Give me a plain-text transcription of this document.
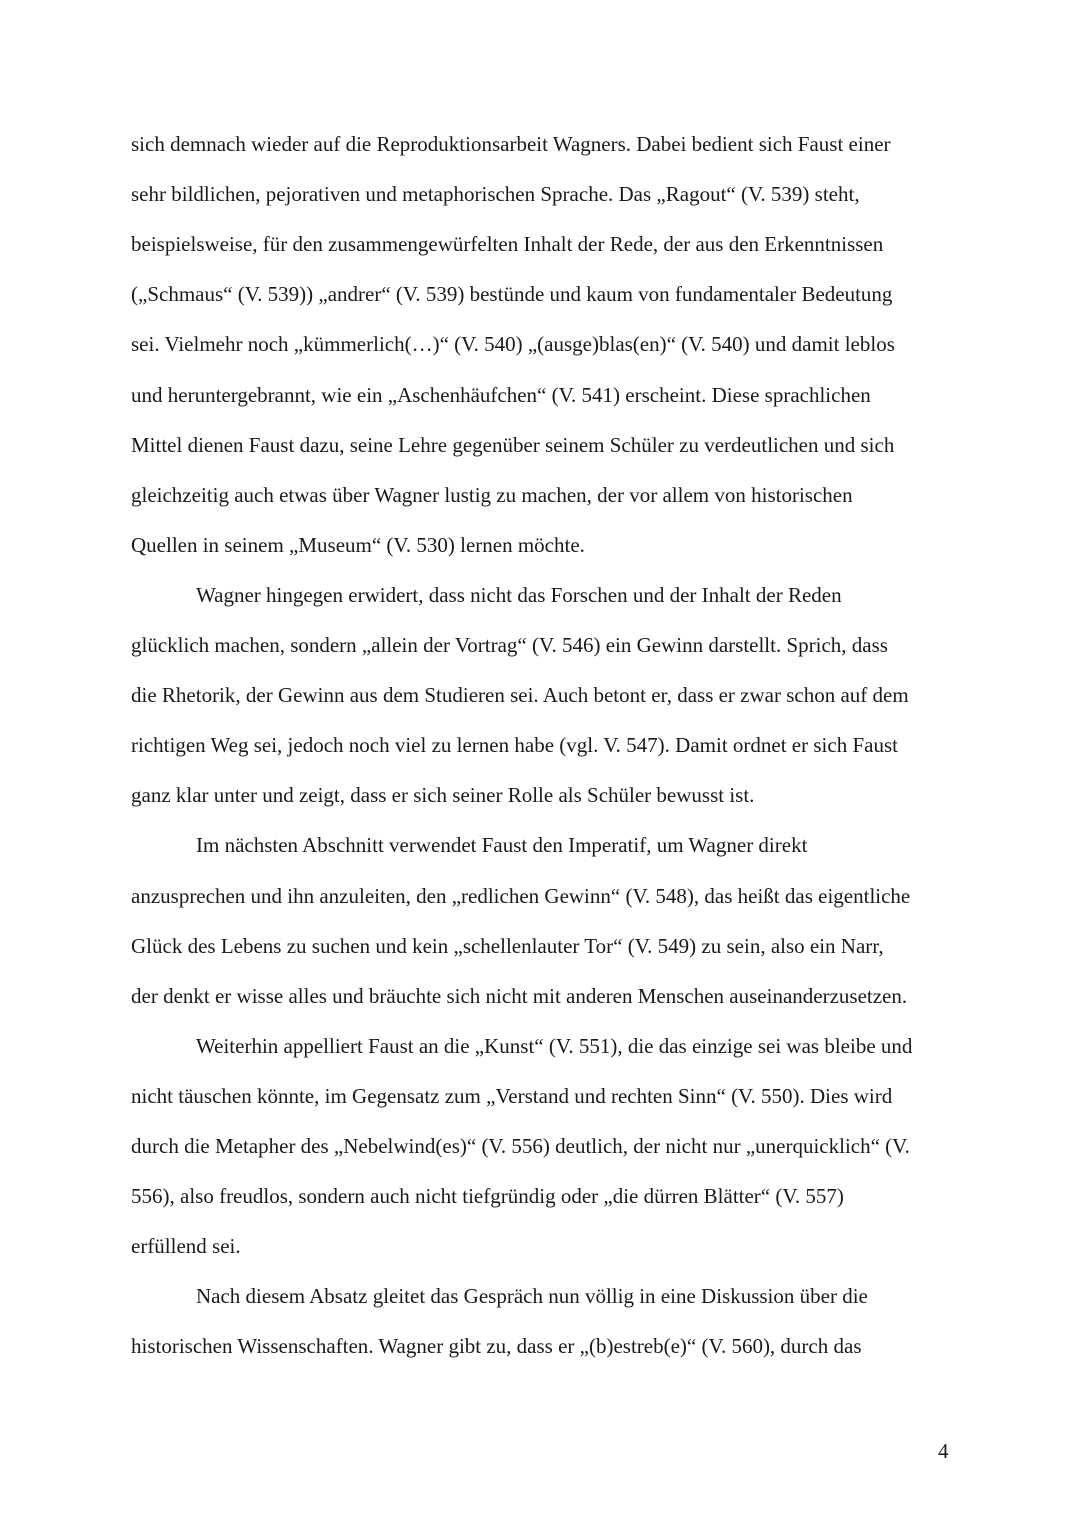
sich demnach wieder auf die Reproduktionsarbeit Wagners. Dabei bedient sich Faust einer
sehr bildlichen, pejorativen und metaphorischen Sprache. Das „Ragout“ (V. 539) steht,
beispielsweise, für den zusammengewürfelten Inhalt der Rede, der aus den Erkenntnissen
(„Schmaus“ (V. 539)) „andrer“ (V. 539) bestünde und kaum von fundamentaler Bedeutung
sei. Vielmehr noch „kümmerlich(…)“ (V. 540) „(ausge)blas(en)“ (V. 540) und damit leblos
und heruntergebrannt, wie ein „Aschenhäufchen“ (V. 541) erscheint. Diese sprachlichen
Mittel dienen Faust dazu, seine Lehre gegenüber seinem Schüler zu verdeutlichen und sich
gleichzeitig auch etwas über Wagner lustig zu machen, der vor allem von historischen
Quellen in seinem „Museum“ (V. 530) lernen möchte.
Wagner hingegen erwidert, dass nicht das Forschen und der Inhalt der Reden
glücklich machen, sondern „allein der Vortrag“ (V. 546) ein Gewinn darstellt. Sprich, dass
die Rhetorik, der Gewinn aus dem Studieren sei. Auch betont er, dass er zwar schon auf dem
richtigen Weg sei, jedoch noch viel zu lernen habe (vgl. V. 547). Damit ordnet er sich Faust
ganz klar unter und zeigt, dass er sich seiner Rolle als Schüler bewusst ist.
Im nächsten Abschnitt verwendet Faust den Imperatif, um Wagner direkt
anzusprechen und ihn anzuleiten, den „redlichen Gewinn“ (V. 548), das heißt das eigentliche
Glück des Lebens zu suchen und kein „schellenlauter Tor“ (V. 549) zu sein, also ein Narr,
der denkt er wisse alles und bräuchte sich nicht mit anderen Menschen auseinanderzusetzen.
Weiterhin appelliert Faust an die „Kunst“ (V. 551), die das einzige sei was bleibe und
nicht täuschen könnte, im Gegensatz zum „Verstand und rechten Sinn“ (V. 550). Dies wird
durch die Metapher des „Nebelwind(es)“ (V. 556) deutlich, der nicht nur „unerquicklich“ (V.
556), also freudlos, sondern auch nicht tiefgründig oder „die dürren Blätter“ (V. 557)
erfüllend sei.
Nach diesem Absatz gleitet das Gespräch nun völlig in eine Diskussion über die
historischen Wissenschaften. Wagner gibt zu, dass er „(b)estreb(e)“ (V. 560), durch das
4
